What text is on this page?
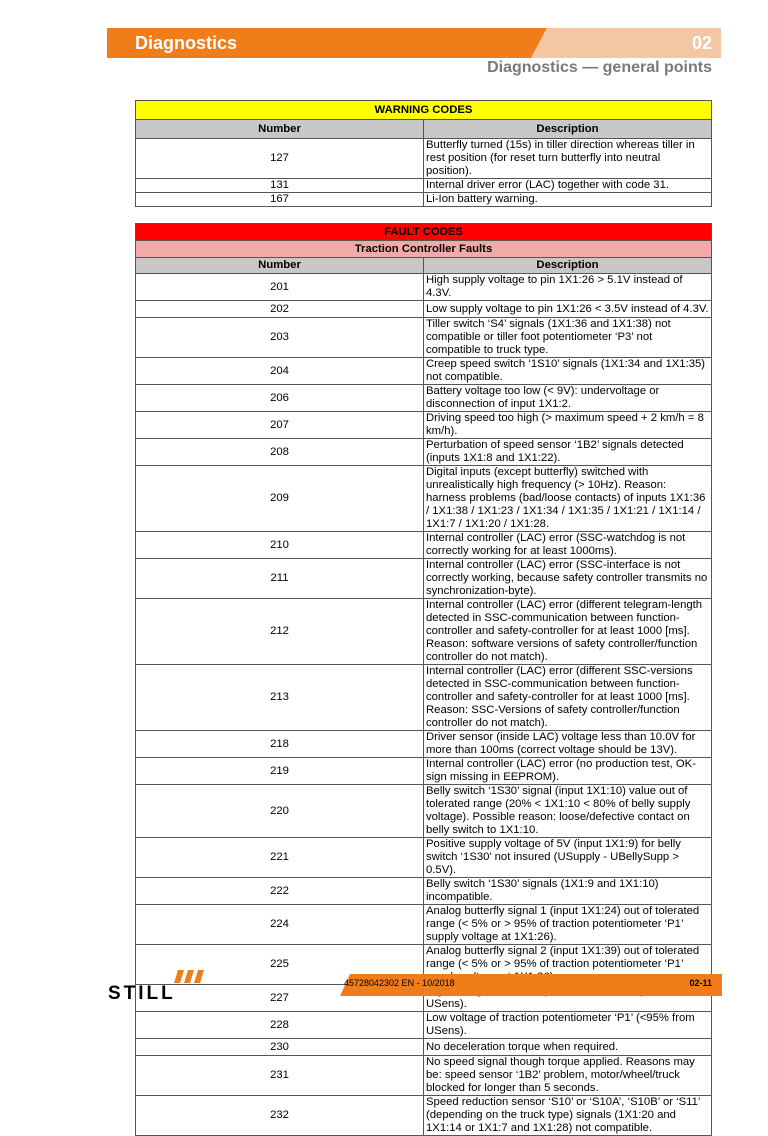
Diagnostics	02
Diagnostics — general points
WARNING CODES	
Number	Description
127	Butterfly turned (15s) in tiller direction whereas tiller in rest position (for reset turn butterfly into neutral position).
131	Internal driver error (LAC) together with code 31.
167	Li-Ion battery warning.
FAULT CODES	
Traction Controller Faults	
Number	Description
201	High supply voltage to pin 1X1:26 > 5.1V instead of 4.3V.
202	Low supply voltage to pin 1X1:26 < 3.5V instead of 4.3V.
203	Tiller switch ‘S4’ signals (1X1:36 and 1X1:38) not compatible or tiller foot potentiometer ‘P3’ not compatible to truck type.
204	Creep speed switch ‘1S10’ signals (1X1:34 and 1X1:35) not compatible.
206	Battery voltage too low (< 9V): undervoltage or disconnection of input 1X1:2.
207	Driving speed too high (> maximum speed + 2 km/h = 8 km/h).
208	Perturbation of speed sensor ‘1B2’ signals detected (inputs 1X1:8 and 1X1:22).
209	Digital inputs (except butterfly) switched with unrealistically high frequency (> 10Hz). Reason: harness problems (bad/loose contacts) of inputs 1X1:36 / 1X1:38 / 1X1:23 / 1X1:34 / 1X1:35 / 1X1:21 / 1X1:14 / 1X1:7 / 1X1:20 / 1X1:28.
210	Internal controller (LAC) error (SSC-watchdog is not correctly working for at least 1000ms).
211	Internal controller (LAC) error (SSC-interface is not correctly working, because safety controller transmits no synchronization-byte).
212	Internal controller (LAC) error (different telegram-length detected in SSC-communication between function-controller and safety-controller for at least 1000 [ms]. Reason: software versions of safety controller/function controller do not match).
213	Internal controller (LAC) error (different SSC-versions detected in SSC-communication between function-controller and safety-controller for at least 1000 [ms]. Reason: SSC-Versions of safety controller/function controller do not match).
218	Driver sensor (inside LAC) voltage less than 10.0V for more than 100ms (correct voltage should be 13V).
219	Internal controller (LAC) error (no production test, OK-sign missing in EEPROM).
220	Belly switch ‘1S30’ signal (input 1X1:10) value out of tolerated range (20% < 1X1:10 < 80% of belly supply voltage). Possible reason: loose/defective contact on belly switch to 1X1:10.
221	Positive supply voltage of 5V (input 1X1:9) for belly switch ‘1S30’ not insured (USupply - UBellySupp > 0.5V).
222	Belly switch ‘1S30’ signals (1X1:9 and 1X1:10) incompatible.
224	Analog butterfly signal 1 (input 1X1:24) out of tolerated range (< 5% or > 95% of traction potentiometer ‘P1’ supply voltage at 1X1:26).
225	Analog butterfly signal 2 (input 1X1:39) out of tolerated range (< 5% or > 95% of traction potentiometer ‘P1’
227	USens).
228	Low voltage of traction potentiometer ‘P1’ (<95% from USens).
230	No deceleration torque when required.
231	No speed signal though torque applied. Reasons may be: speed sensor ‘1B2’ problem, motor/wheel/truck blocked for longer than 5 seconds.
232	Speed reduction sensor ‘S10’ or ‘S10A’, ‘S10B’ or ‘S11’ (depending on the truck type) signals (1X1:20 and 1X1:14 or 1X1:7 and 1X1:28) not compatible.
STILL	45728042302 EN - 10/2018	02-11
